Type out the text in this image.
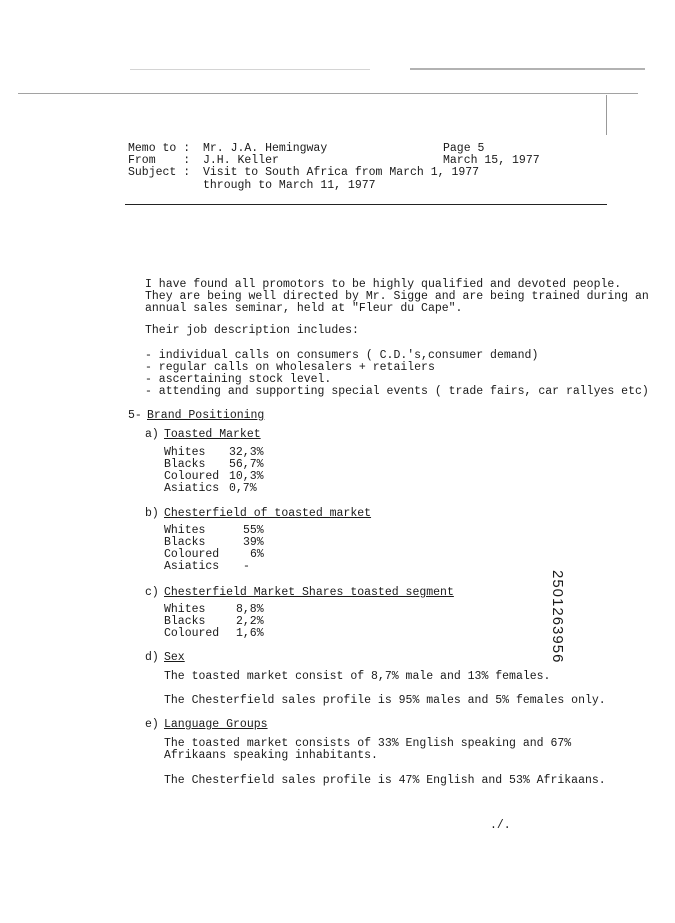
Memo to : Mr. J.A. Hemingway
From    : J.H. Keller
Subject : Visit to South Africa from March 1, 1977
through to March 11, 1977
Page 5
March 15, 1977
I have found all promotors to be highly qualified and devoted people.
They are being well directed by Mr. Sigge and are being trained during an
annual sales seminar, held at "Fleur du Cape".
Their job description includes:
- individual calls on consumers ( C.D.'s,consumer demand)
- regular calls on wholesalers + retailers
- ascertaining stock level.
- attending and supporting special events ( trade fairs, car rallyes etc)
5- Brand Positioning
a) Toasted Market
Whites 32,3%
Blacks 56,7%
Coloured 10,3%
Asiatics 0,7%
b) Chesterfield of toasted market
Whites	55%
Blacks	39%
Coloured	6%
Asiatics -
c) Chesterfield Market Shares toasted segment
Whites	8,8%
Blacks	2,2%
Coloured 1,6%
d) Sex
The toasted market consist of 8,7% male and 13% females.
The Chesterfield sales profile is 95% males and 5% females only.
e) Language Groups
The toasted market consists of 33% English speaking and 67%
Afrikaans speaking inhabitants.
The Chesterfield sales profile is 47% English and 53% Afrikaans.
./.
2501263956
